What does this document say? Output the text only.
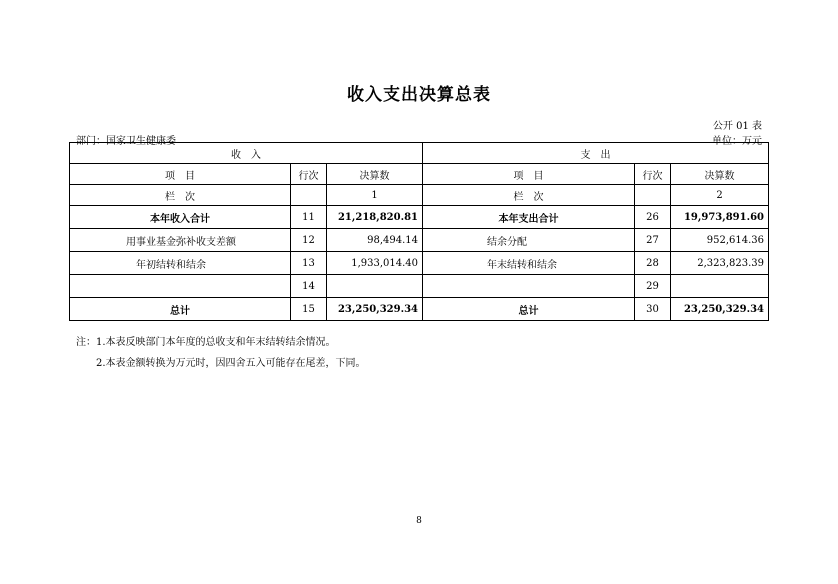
收入支出决算总表
公开 01 表
部门：国家卫生健康委	单位：万元
收　入			支　出		
项　目	行次	决算数	项　目	行次	决算数
栏　次		1	栏　次		2
本年收入合计	11	21,218,820.81	本年支出合计	26	19,973,891.60
用事业基金弥补收支差额	12	98,494.14	结余分配	27	952,614.36
年初结转和结余	13	1,933,014.40	年末结转和结余	28	2,323,823.39
	14			29	
总计	15	23,250,329.34	总计	30	23,250,329.34
注：1.本表反映部门本年度的总收支和年末结转结余情况。
2.本表金额转换为万元时，因四舍五入可能存在尾差，下同。
8
